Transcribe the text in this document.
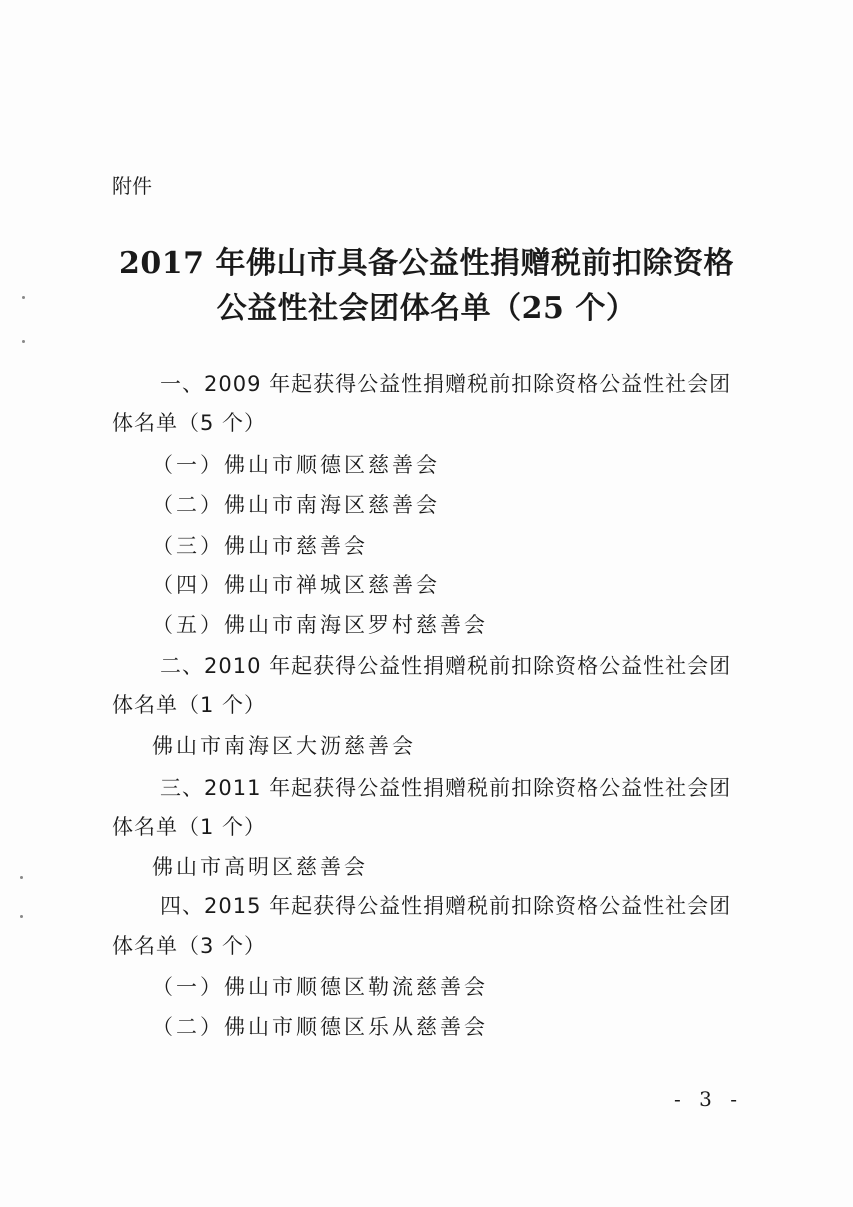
附件
2017 年佛山市具备公益性捐赠税前扣除资格
公益性社会团体名单（25 个）
一、2009 年起获得公益性捐赠税前扣除资格公益性社会团
体名单（5 个）
（一）佛山市顺德区慈善会
（二）佛山市南海区慈善会
（三）佛山市慈善会
（四）佛山市禅城区慈善会
（五）佛山市南海区罗村慈善会
二、2010 年起获得公益性捐赠税前扣除资格公益性社会团
体名单（1 个）
佛山市南海区大沥慈善会
三、2011 年起获得公益性捐赠税前扣除资格公益性社会团
体名单（1 个）
佛山市高明区慈善会
四、2015 年起获得公益性捐赠税前扣除资格公益性社会团
体名单（3 个）
（一）佛山市顺德区勒流慈善会
（二）佛山市顺德区乐从慈善会
- 3 -
